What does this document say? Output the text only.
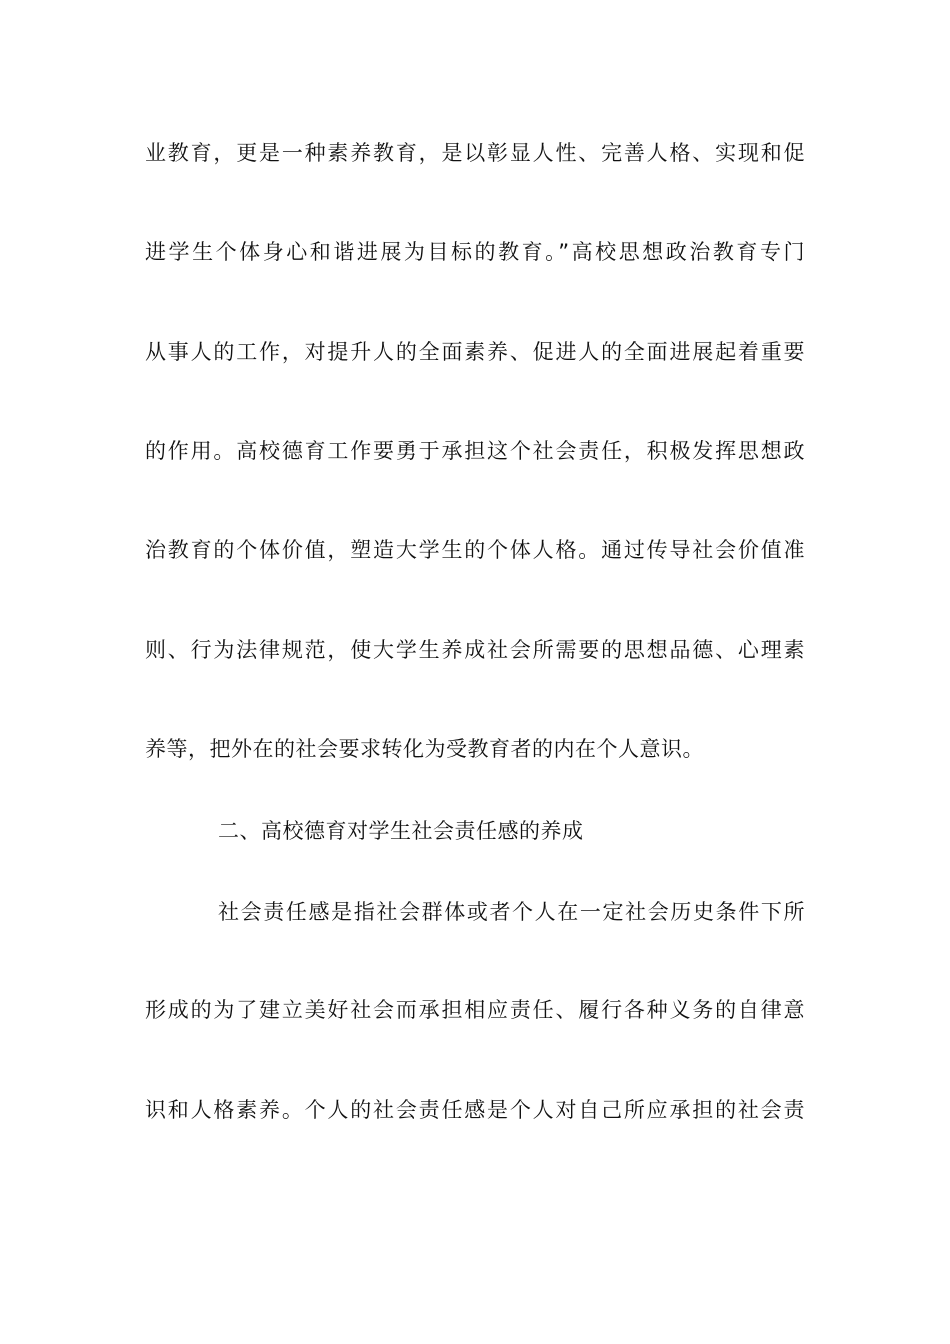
业教育，更是一种素养教育，是以彰显人性、完善人格、实现和促
进学生个体身心和谐进展为目标的教育。”高校思想政治教育专门
从事人的工作，对提升人的全面素养、促进人的全面进展起着重要
的作用。高校德育工作要勇于承担这个社会责任，积极发挥思想政
治教育的个体价值，塑造大学生的个体人格。通过传导社会价值准
则、行为法律规范，使大学生养成社会所需要的思想品德、心理素
养等，把外在的社会要求转化为受教育者的内在个人意识。
二、高校德育对学生社会责任感的养成
社会责任感是指社会群体或者个人在一定社会历史条件下所
形成的为了建立美好社会而承担相应责任、履行各种义务的自律意
识和人格素养。个人的社会责任感是个人对自己所应承担的社会责
